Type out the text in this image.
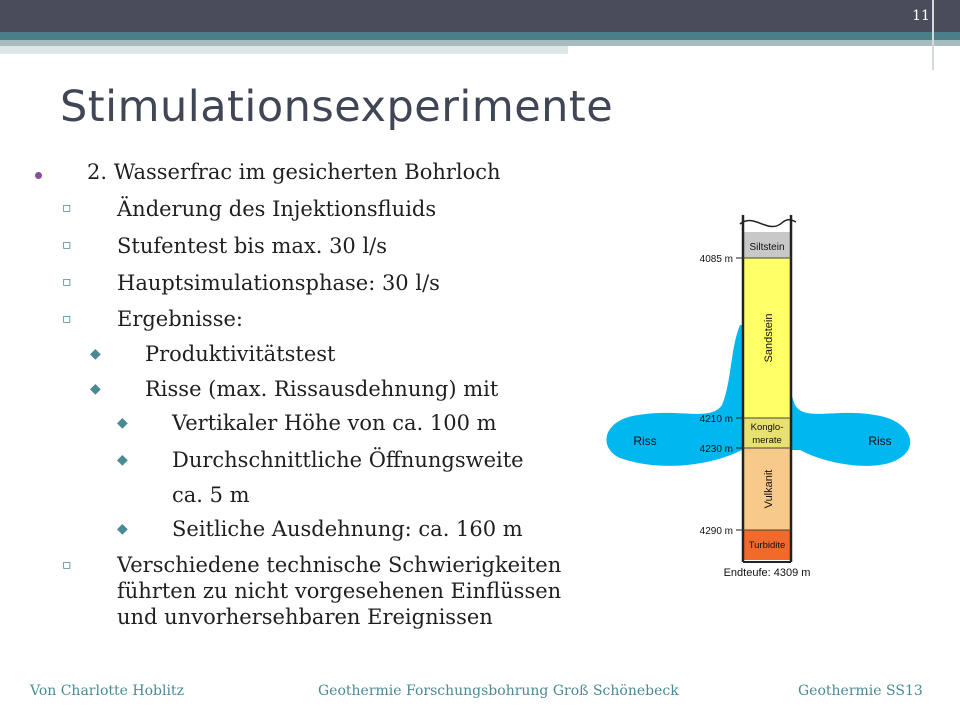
11
Stimulationsexperimente
2. Wasserfrac im gesicherten Bohrloch
▫ Änderung des Injektionsfluids
▫ Stufentest bis max. 30 l/s
▫ Hauptsimulationsphase: 30 l/s
▫ Ergebnisse:
◆ Produktivitätstest
◆ Risse (max. Rissausdehnung) mit
◆ Vertikaler Höhe von ca. 100 m
◆ Durchschnittliche Öffnungsweite
ca. 5 m
◆ Seitliche Ausdehnung: ca. 160 m
▫ Verschiedene technische Schwierigkeiten
führten zu nicht vorgesehenen Einflüssen
und unvorhersehbaren Ereignissen
Siltstein
Sandstein
Konglo-
merate
Vulkanit
Turbidite
4085 m
4210 m
4230 m
4290 m
Riss	Riss
Endteufe: 4309 m
Von Charlotte Hoblitz	Geothermie Forschungsbohrung Groß Schönebeck	Geothermie SS13
